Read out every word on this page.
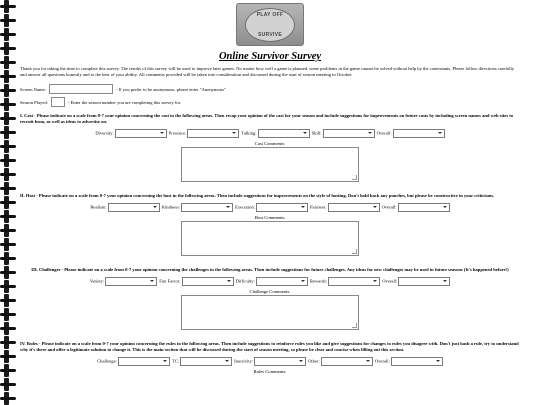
PLAY OFF
SURVIVE
Online Survivor Survey

Thank you for taking the time to complete this survey. The results of this survey will be used to improve later games. No matter how well a game is planned, some problems in the game cannot be solved without help by the contestants. Please follow directions carefully and answer all questions honestly and to the best of your ability. All comments provided will be taken into consideration and discussed during the start of season meeting in October.

Screen Name:	- If you prefer to be anonymous, please enter "Anonymous"
Season Played:	- Enter the season number you are completing this survey for.
I. Cast - Please indicate on a scale from 0-7 your opinion concerning the cast in the following areas. Then recap your opinion of the cast for your season and include suggestions for improvements on future casts by including screen names and web sites to recruit from, as well as ideas to advertise on.
Diversity:	Presence:	Talking:	Skill:	Overall:
Cast Comments:
II. Host - Please indicate on a scale from 0-7 your opinion concerning the host in the following areas. Then include suggestions for improvements on the style of hosting. Don't hold back any punches, but please be constructive in your criticisms.
Realism:	Kindness:	Execution:	Fairness:	Overall:
Host Comments:
III. Challenges - Please indicate on a scale from 0-7 your opinion concerning the challenges in the following areas. Then include suggestions for future challenges. Any ideas for new challenges may be used in future seasons (It's happened before!)
Variety:	Fun Factor:	Difficulty:	Rewards:	Overall:
Challenge Comments:
IV. Rules - Please indicate on a scale from 0-7 your opinion concerning the rules in the following areas. Then include suggestions to reinforce rules you like and give suggestions for changes to rules you disagree with. Don't just bash a rule, try to understand why it's there and offer a legitimate solution to change it. This is the main section that will be discussed during the start of season meeting, so please be clear and concise when filling out this section.
Challenge:	TC:	Inactivity:	Other:	Overall:
Rules Comments:
